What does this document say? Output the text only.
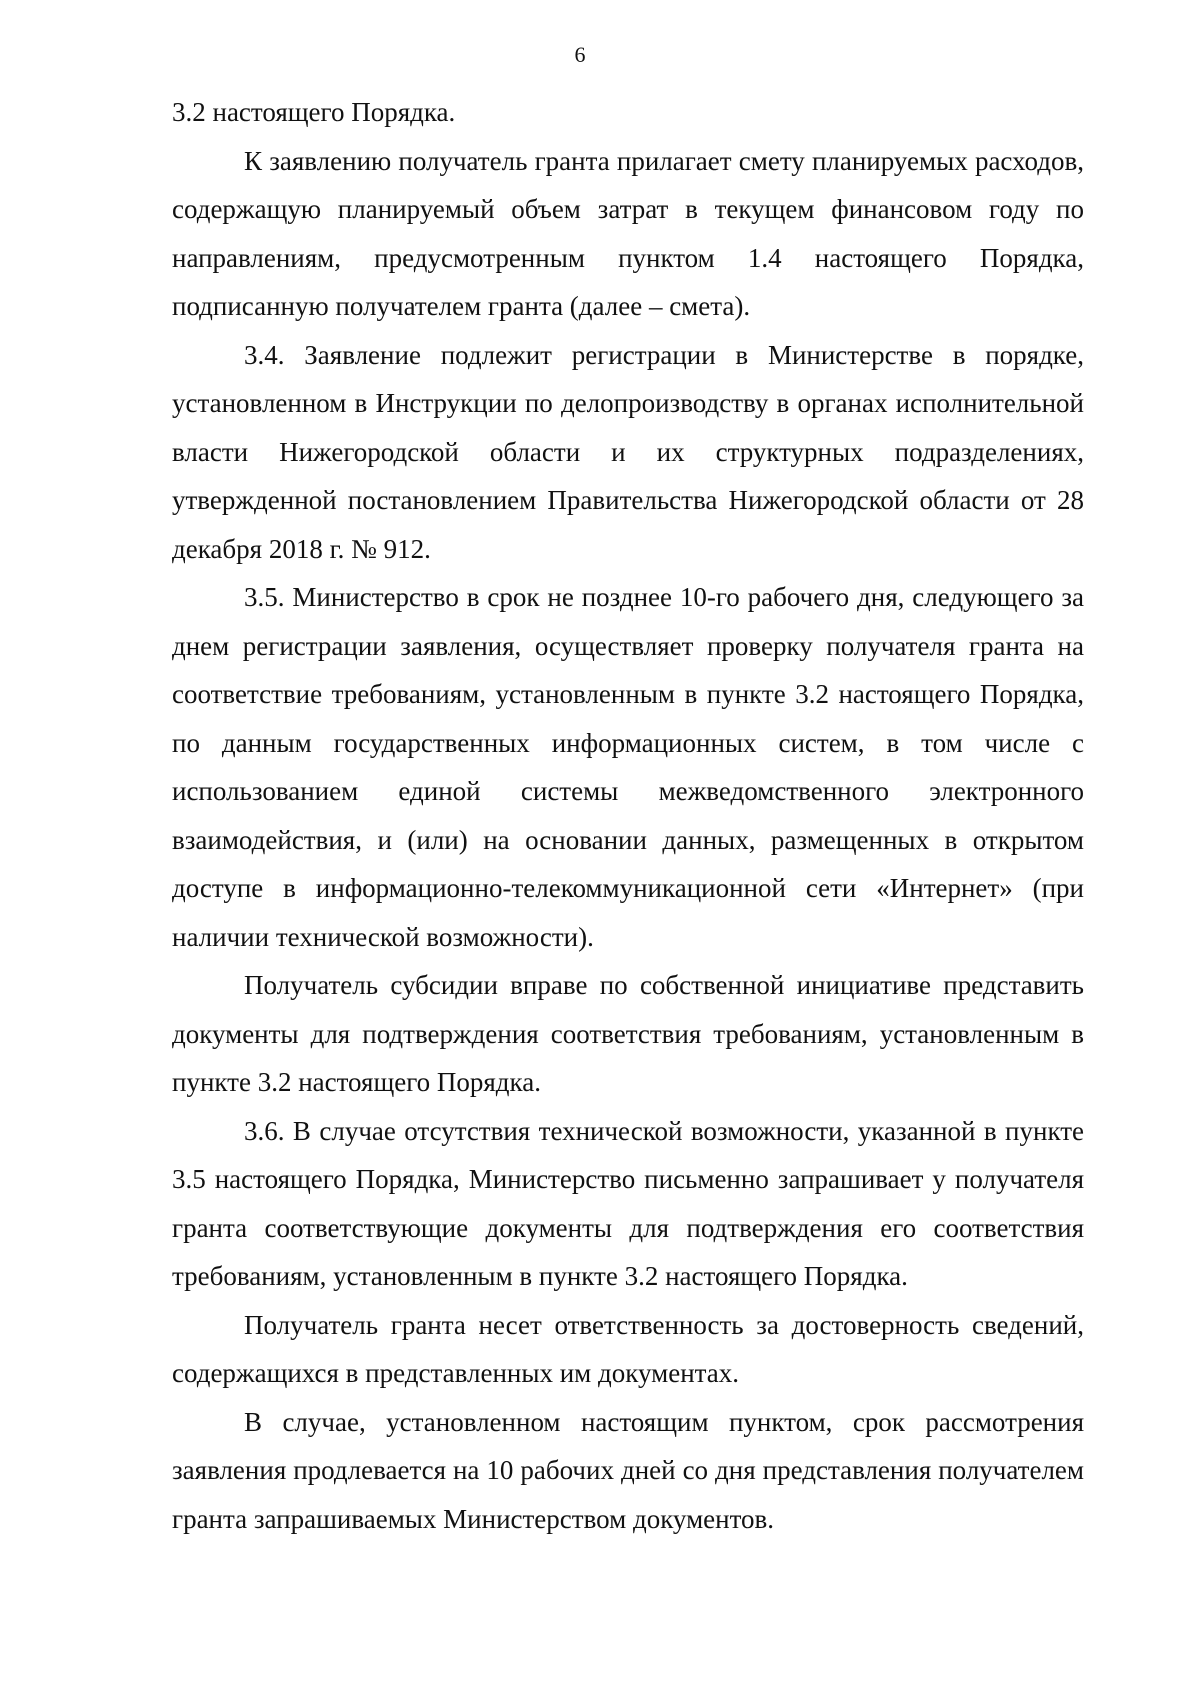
6

3.2 настоящего Порядка.

К заявлению получатель гранта прилагает смету планируемых расходов, содержащую планируемый объем затрат в текущем финансовом году по направлениям, предусмотренным пунктом 1.4 настоящего Порядка, подписанную получателем гранта (далее – смета).

3.4. Заявление подлежит регистрации в Министерстве в порядке, установленном в Инструкции по делопроизводству в органах исполнительной власти Нижегородской области и их структурных подразделениях, утвержденной постановлением Правительства Нижегородской области от 28 декабря 2018 г. № 912.

3.5. Министерство в срок не позднее 10-го рабочего дня, следующего за днем регистрации заявления, осуществляет проверку получателя гранта на соответствие требованиям, установленным в пункте 3.2 настоящего Порядка, по данным государственных информационных систем, в том числе с использованием единой системы межведомственного электронного взаимодействия, и (или) на основании данных, размещенных в открытом доступе в информационно-телекоммуникационной сети «Интернет» (при наличии технической возможности).

Получатель субсидии вправе по собственной инициативе представить документы для подтверждения соответствия требованиям, установленным в пункте 3.2 настоящего Порядка.

3.6. В случае отсутствия технической возможности, указанной в пункте 3.5 настоящего Порядка, Министерство письменно запрашивает у получателя гранта соответствующие документы для подтверждения его соответствия требованиям, установленным в пункте 3.2 настоящего Порядка.

Получатель гранта несет ответственность за достоверность сведений, содержащихся в представленных им документах.

В случае, установленном настоящим пунктом, срок рассмотрения заявления продлевается на 10 рабочих дней со дня представления получателем гранта запрашиваемых Министерством документов.
